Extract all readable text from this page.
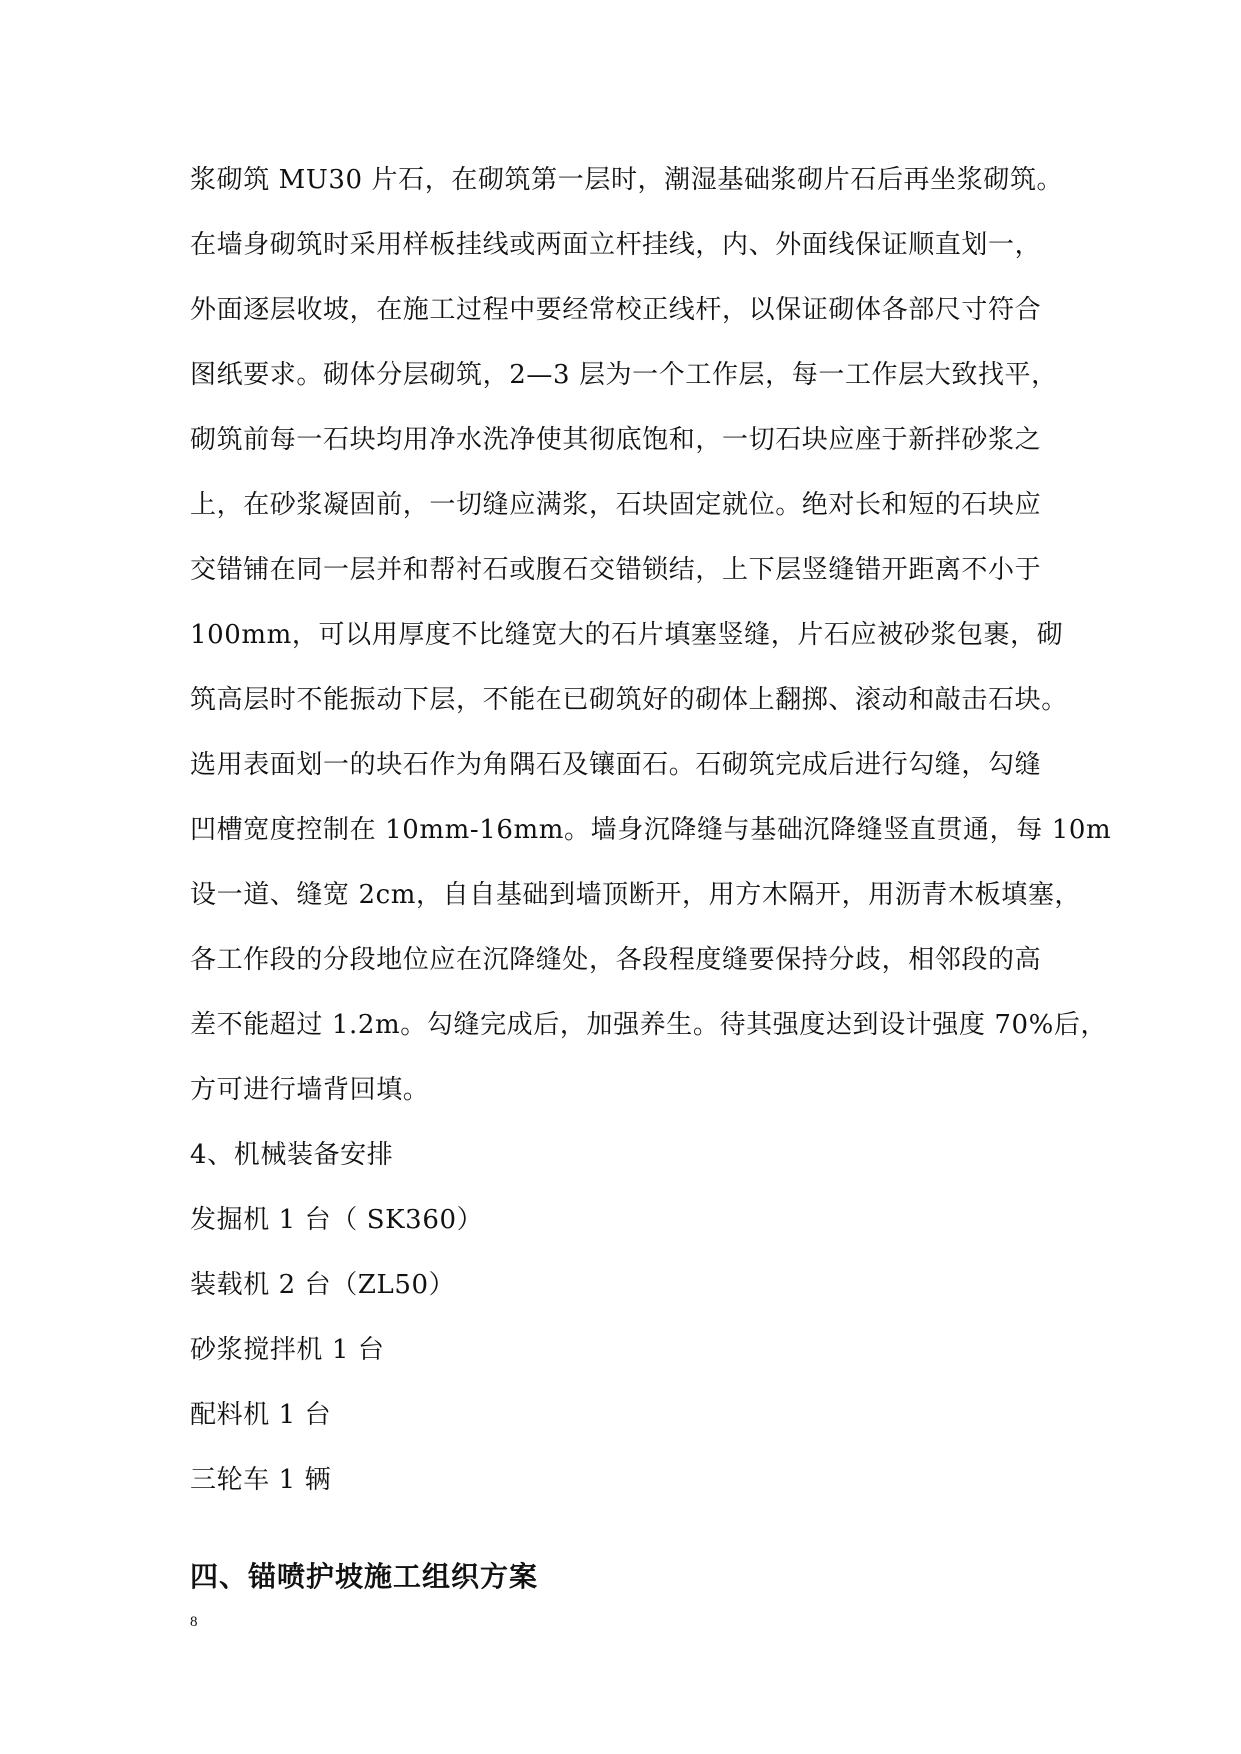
浆砌筑 MU30 片石，在砌筑第一层时，潮湿基础浆砌片石后再坐浆砌筑。
在墙身砌筑时采用样板挂线或两面立杆挂线，内、外面线保证顺直划一，
外面逐层收坡，在施工过程中要经常校正线杆，以保证砌体各部尺寸符合
图纸要求。砌体分层砌筑，2—3 层为一个工作层，每一工作层大致找平，
砌筑前每一石块均用净水洗净使其彻底饱和，一切石块应座于新拌砂浆之
上，在砂浆凝固前，一切缝应满浆，石块固定就位。绝对长和短的石块应
交错铺在同一层并和帮衬石或腹石交错锁结，上下层竖缝错开距离不小于
100mm，可以用厚度不比缝宽大的石片填塞竖缝，片石应被砂浆包裹，砌
筑高层时不能振动下层，不能在已砌筑好的砌体上翻掷、滚动和敲击石块。
选用表面划一的块石作为角隅石及镶面石。石砌筑完成后进行勾缝，勾缝
凹槽宽度控制在 10mm-16mm。墙身沉降缝与基础沉降缝竖直贯通，每 10m
设一道、缝宽 2cm，自自基础到墙顶断开，用方木隔开，用沥青木板填塞，
各工作段的分段地位应在沉降缝处，各段程度缝要保持分歧，相邻段的高
差不能超过 1.2m。勾缝完成后，加强养生。待其强度达到设计强度 70%后，
方可进行墙背回填。
4、机械装备安排
发掘机 1 台（ SK360）
装载机 2 台（ZL50）
砂浆搅拌机 1 台
配料机 1 台
三轮车 1 辆
四、锚喷护坡施工组织方案
8
